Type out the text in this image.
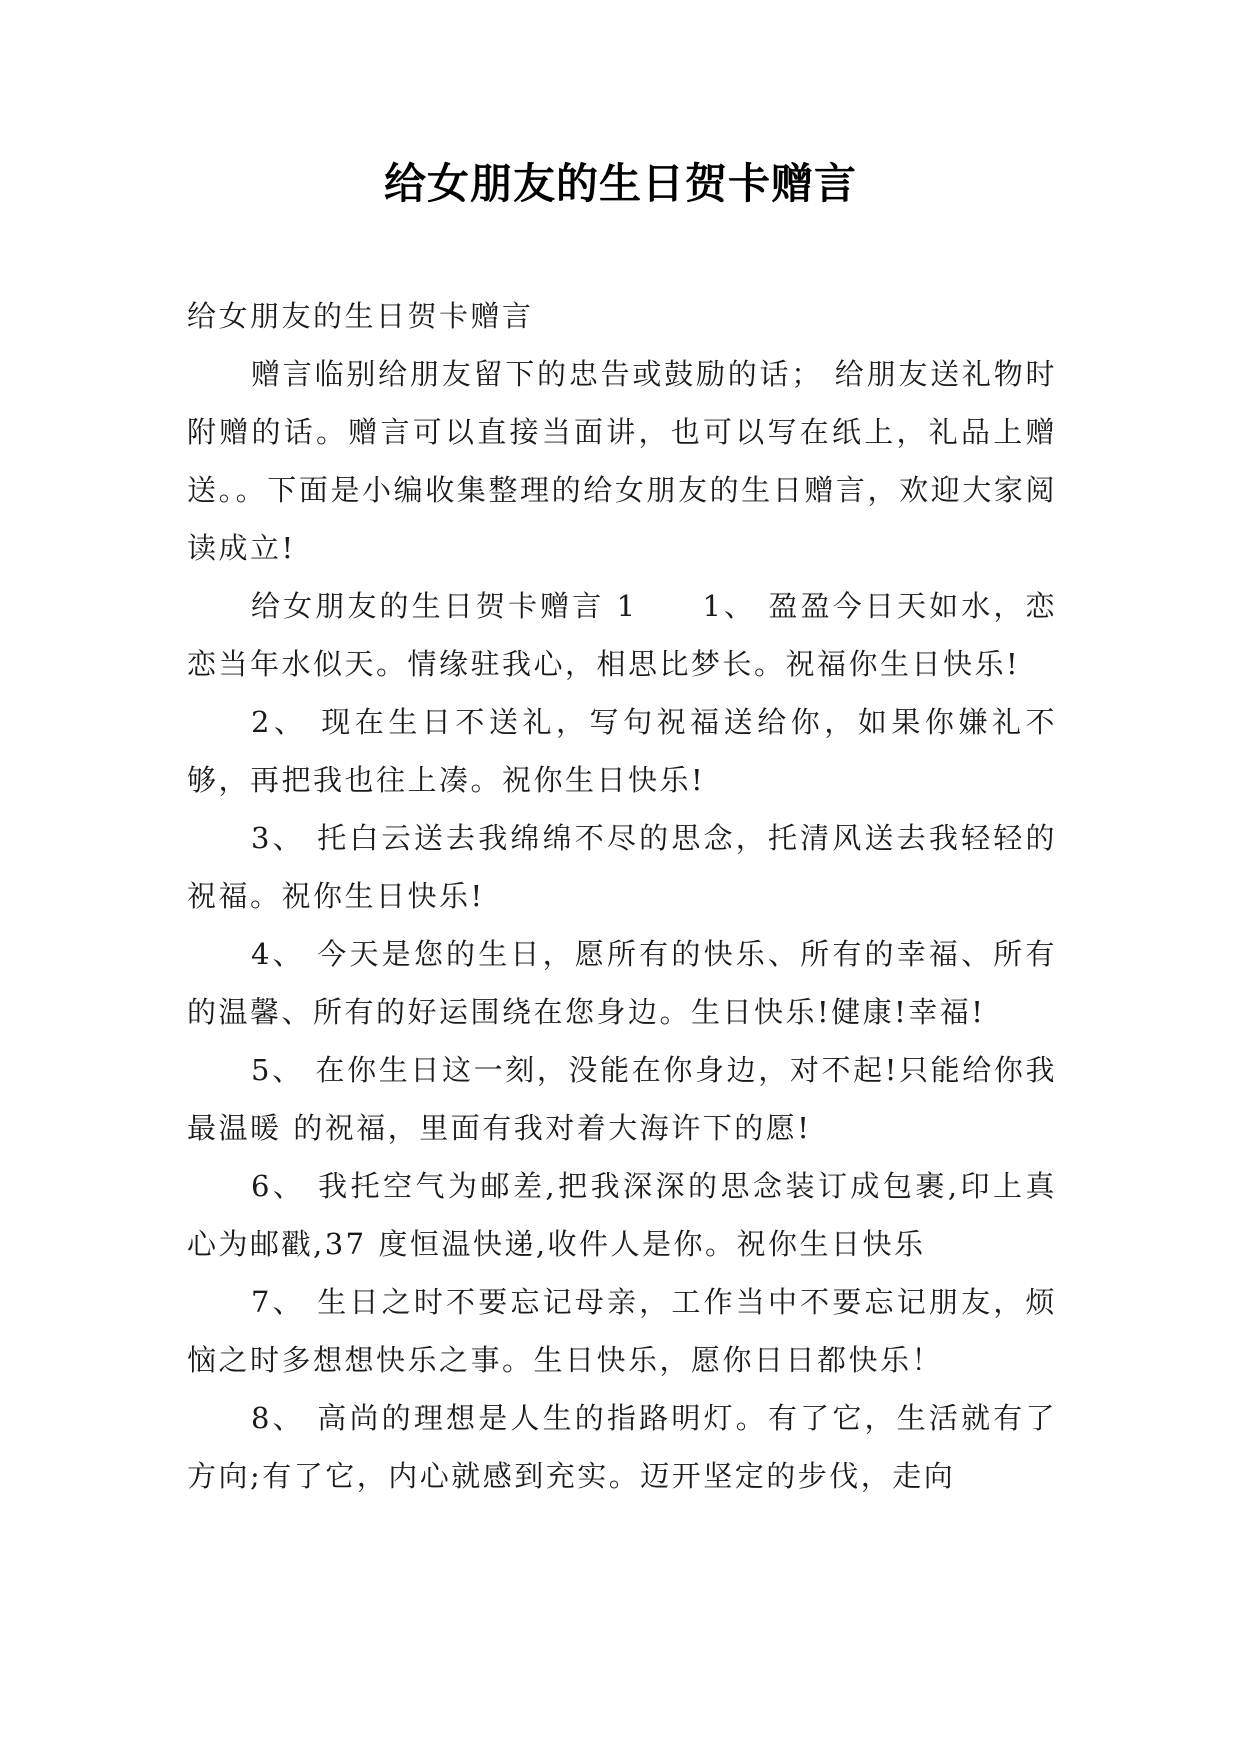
给女朋友的生日贺卡赠言

给女朋友的生日贺卡赠言

赠言临别给朋友留下的忠告或鼓励的话； 给朋友送礼物时附赠的话。赠言可以直接当面讲，也可以写在纸上，礼品上赠送。。下面是小编收集整理的给女朋友的生日赠言，欢迎大家阅读成立!

给女朋友的生日贺卡赠言 1　　1、 盈盈今日天如水，恋恋当年水似天。情缘驻我心，相思比梦长。祝福你生日快乐!

2、 现在生日不送礼，写句祝福送给你，如果你嫌礼不够，再把我也往上凑。祝你生日快乐!

3、 托白云送去我绵绵不尽的思念，托清风送去我轻轻的祝福。祝你生日快乐!

4、 今天是您的生日，愿所有的快乐、所有的幸福、所有的温馨、所有的好运围绕在您身边。生日快乐!健康!幸福!

5、 在你生日这一刻，没能在你身边，对不起!只能给你我最温暖 的祝福，里面有我对着大海许下的愿!

6、 我托空气为邮差,把我深深的思念装订成包裹,印上真心为邮戳,37 度恒温快递,收件人是你。祝你生日快乐

7、 生日之时不要忘记母亲，工作当中不要忘记朋友，烦恼之时多想想快乐之事。生日快乐，愿你日日都快乐！

8、 高尚的理想是人生的指路明灯。有了它，生活就有了方向;有了它，内心就感到充实。迈开坚定的步伐，走向
